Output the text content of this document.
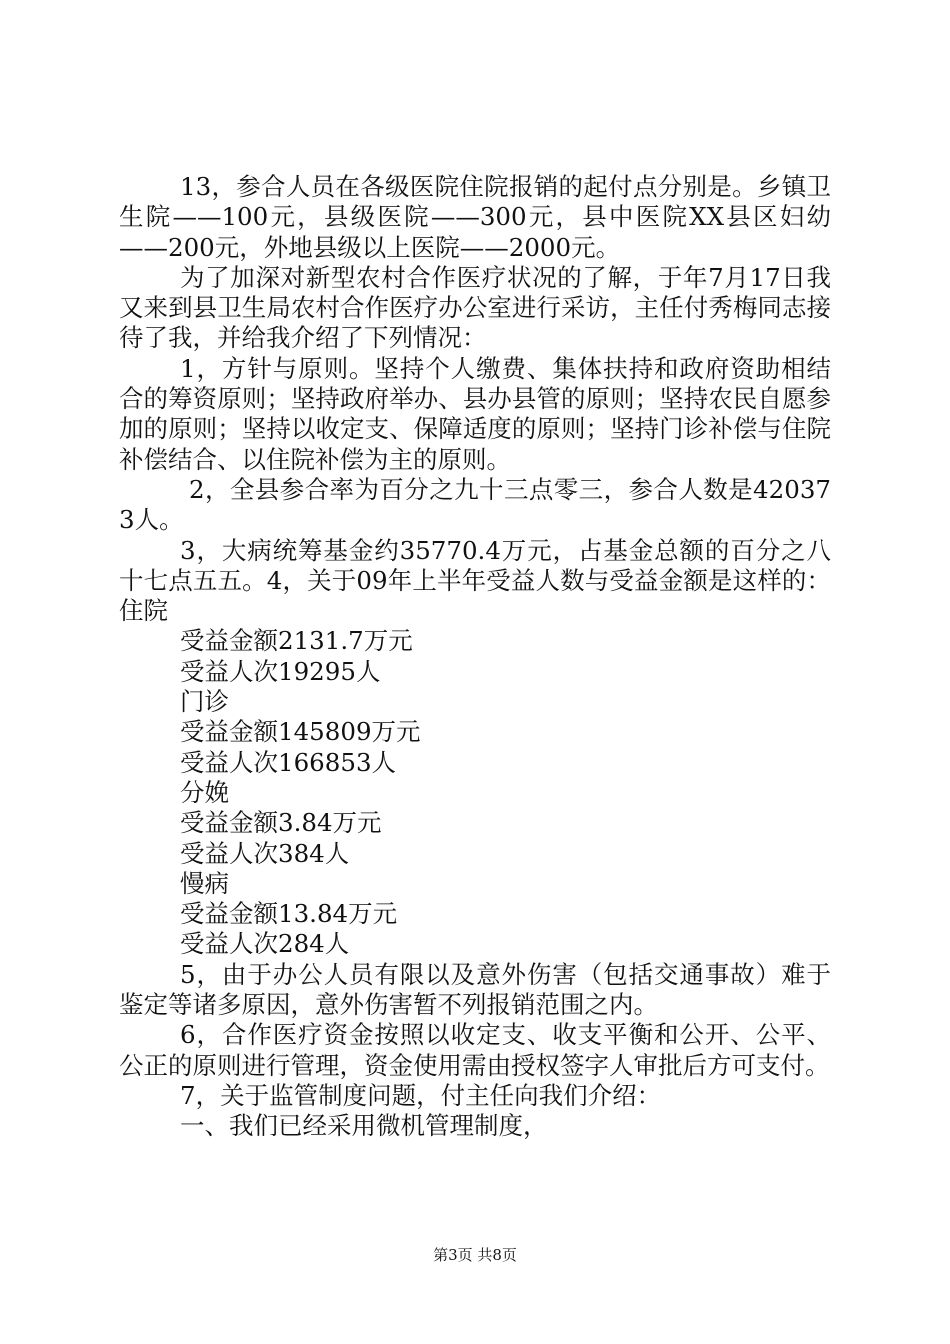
13，参合人员在各级医院住院报销的起付点分别是。乡镇卫生院——100元，县级医院——300元，县中医院XX县区妇幼——200元，外地县级以上医院——2000元。

为了加深对新型农村合作医疗状况的了解，于年7月17日我又来到县卫生局农村合作医疗办公室进行采访，主任付秀梅同志接待了我，并给我介绍了下列情况：

1，方针与原则。坚持个人缴费、集体扶持和政府资助相结合的筹资原则；坚持政府举办、县办县管的原则；坚持农民自愿参加的原则；坚持以收定支、保障适度的原则；坚持门诊补偿与住院补偿结合、以住院补偿为主的原则。

2，全县参合率为百分之九十三点零三，参合人数是420373人。

3，大病统筹基金约35770.4万元，占基金总额的百分之八十七点五五。4，关于09年上半年受益人数与受益金额是这样的：住院

受益金额2131.7万元

受益人次19295人

门诊

受益金额145809万元

受益人次166853人

分娩

受益金额3.84万元

受益人次384人

慢病

受益金额13.84万元

受益人次284人

5，由于办公人员有限以及意外伤害（包括交通事故）难于鉴定等诸多原因，意外伤害暂不列报销范围之内。

6，合作医疗资金按照以收定支、收支平衡和公开、公平、公正的原则进行管理，资金使用需由授权签字人审批后方可支付。

7，关于监管制度问题，付主任向我们介绍：

一、我们已经采用微机管理制度，

第3页 共8页
